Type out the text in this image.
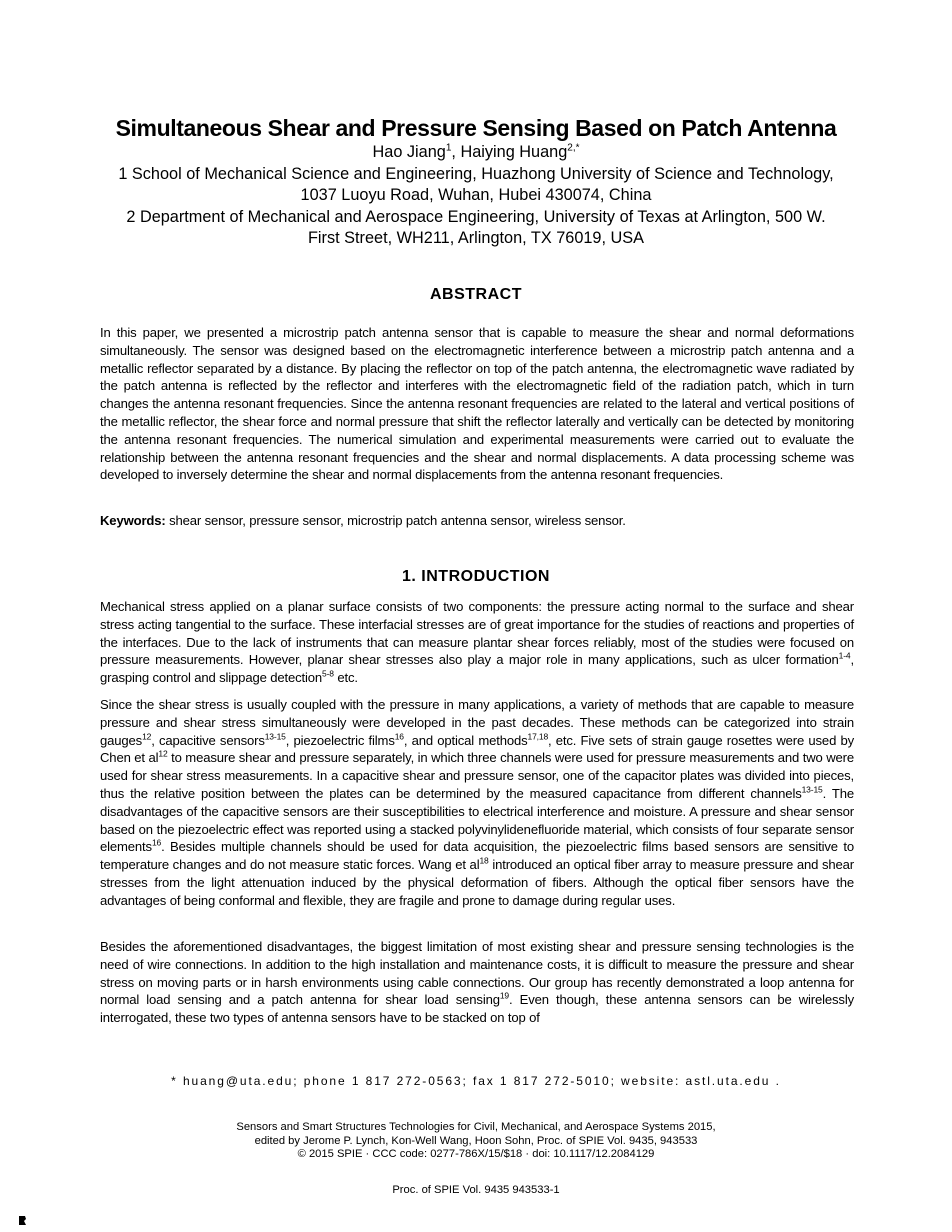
Simultaneous Shear and Pressure Sensing Based on Patch Antenna
Hao Jiang$^1$, Haiying Huang$^{2,*}$
1 School of Mechanical Science and Engineering, Huazhong University of Science and Technology,
1037 Luoyu Road, Wuhan, Hubei 430074, China
2 Department of Mechanical and Aerospace Engineering, University of Texas at Arlington, 500 W.
First Street, WH211, Arlington, TX 76019, USA
ABSTRACT

In this paper, we presented a microstrip patch antenna sensor that is capable to measure the shear and normal deformations simultaneously. The sensor was designed based on the electromagnetic interference between a microstrip patch antenna and a metallic reflector separated by a distance. By placing the reflector on top of the patch antenna, the electromagnetic wave radiated by the patch antenna is reflected by the reflector and interferes with the electromagnetic field of the radiation patch, which in turn changes the antenna resonant frequencies. Since the antenna resonant frequencies are related to the lateral and vertical positions of the metallic reflector, the shear force and normal pressure that shift the reflector laterally and vertically can be detected by monitoring the antenna resonant frequencies. The numerical simulation and experimental measurements were carried out to evaluate the relationship between the antenna resonant frequencies and the shear and normal displacements. A data processing scheme was developed to inversely determine the shear and normal displacements from the antenna resonant frequencies.

Keywords: shear sensor, pressure sensor, microstrip patch antenna sensor, wireless sensor.

1. INTRODUCTION

Mechanical stress applied on a planar surface consists of two components: the pressure acting normal to the surface and shear stress acting tangential to the surface. These interfacial stresses are of great importance for the studies of reactions and properties of the interfaces. Due to the lack of instruments that can measure plantar shear forces reliably, most of the studies were focused on pressure measurements. However, planar shear stresses also play a major role in many applications, such as ulcer formation$^{1-4}$, grasping control and slippage detection$^{5-8}$ etc.

Since the shear stress is usually coupled with the pressure in many applications, a variety of methods that are capable to measure pressure and shear stress simultaneously were developed in the past decades. These methods can be categorized into strain gauges$^{12}$, capacitive sensors$^{13-15}$, piezoelectric films$^{16}$, and optical methods$^{17,18}$, etc. Five sets of strain gauge rosettes were used by Chen et $al^{12}$ to measure shear and pressure separately, in which three channels were used for pressure measurements and two were used for shear stress measurements. In a capacitive shear and pressure sensor, one of the capacitor plates was divided into pieces, thus the relative position between the plates can be determined by the measured capacitance from different channels$^{13-15}$. The disadvantages of the capacitive sensors are their susceptibilities to electrical interference and moisture. A pressure and shear sensor based on the piezoelectric effect was reported using a stacked polyvinylidenefluoride material, which consists of four separate sensor elements$^{16}$. Besides multiple channels should be used for data acquisition, the piezoelectric films based sensors are sensitive to temperature changes and do not measure static forces. Wang et $al^{18}$ introduced an optical fiber array to measure pressure and shear stresses from the light attenuation induced by the physical deformation of fibers. Although the optical fiber sensors have the advantages of being conformal and flexible, they are fragile and prone to damage during regular uses.

Besides the aforementioned disadvantages, the biggest limitation of most existing shear and pressure sensing technologies is the need of wire connections. In addition to the high installation and maintenance costs, it is difficult to measure the pressure and shear stress on moving parts or in harsh environments using cable connections. Our group has recently demonstrated a loop antenna for normal load sensing and a patch antenna for shear load sensing$^{19}$. Even though, these antenna sensors can be wirelessly interrogated, these two types of antenna sensors have to be stacked on top of

* huang@uta.edu; phone 1 817 272-0563; fax 1 817 272-5010; website: astl.uta.edu .
Sensors and Smart Structures Technologies for Civil, Mechanical, and Aerospace Systems 2015,
edited by Jerome P. Lynch, Kon-Well Wang, Hoon Sohn, Proc. of SPIE Vol. 9435, 943533
© 2015 SPIE · CCC code: 0277-786X/15/$18 · doi: 10.1117/12.2084129
Proc. of SPIE Vol. 9435 943533-1
